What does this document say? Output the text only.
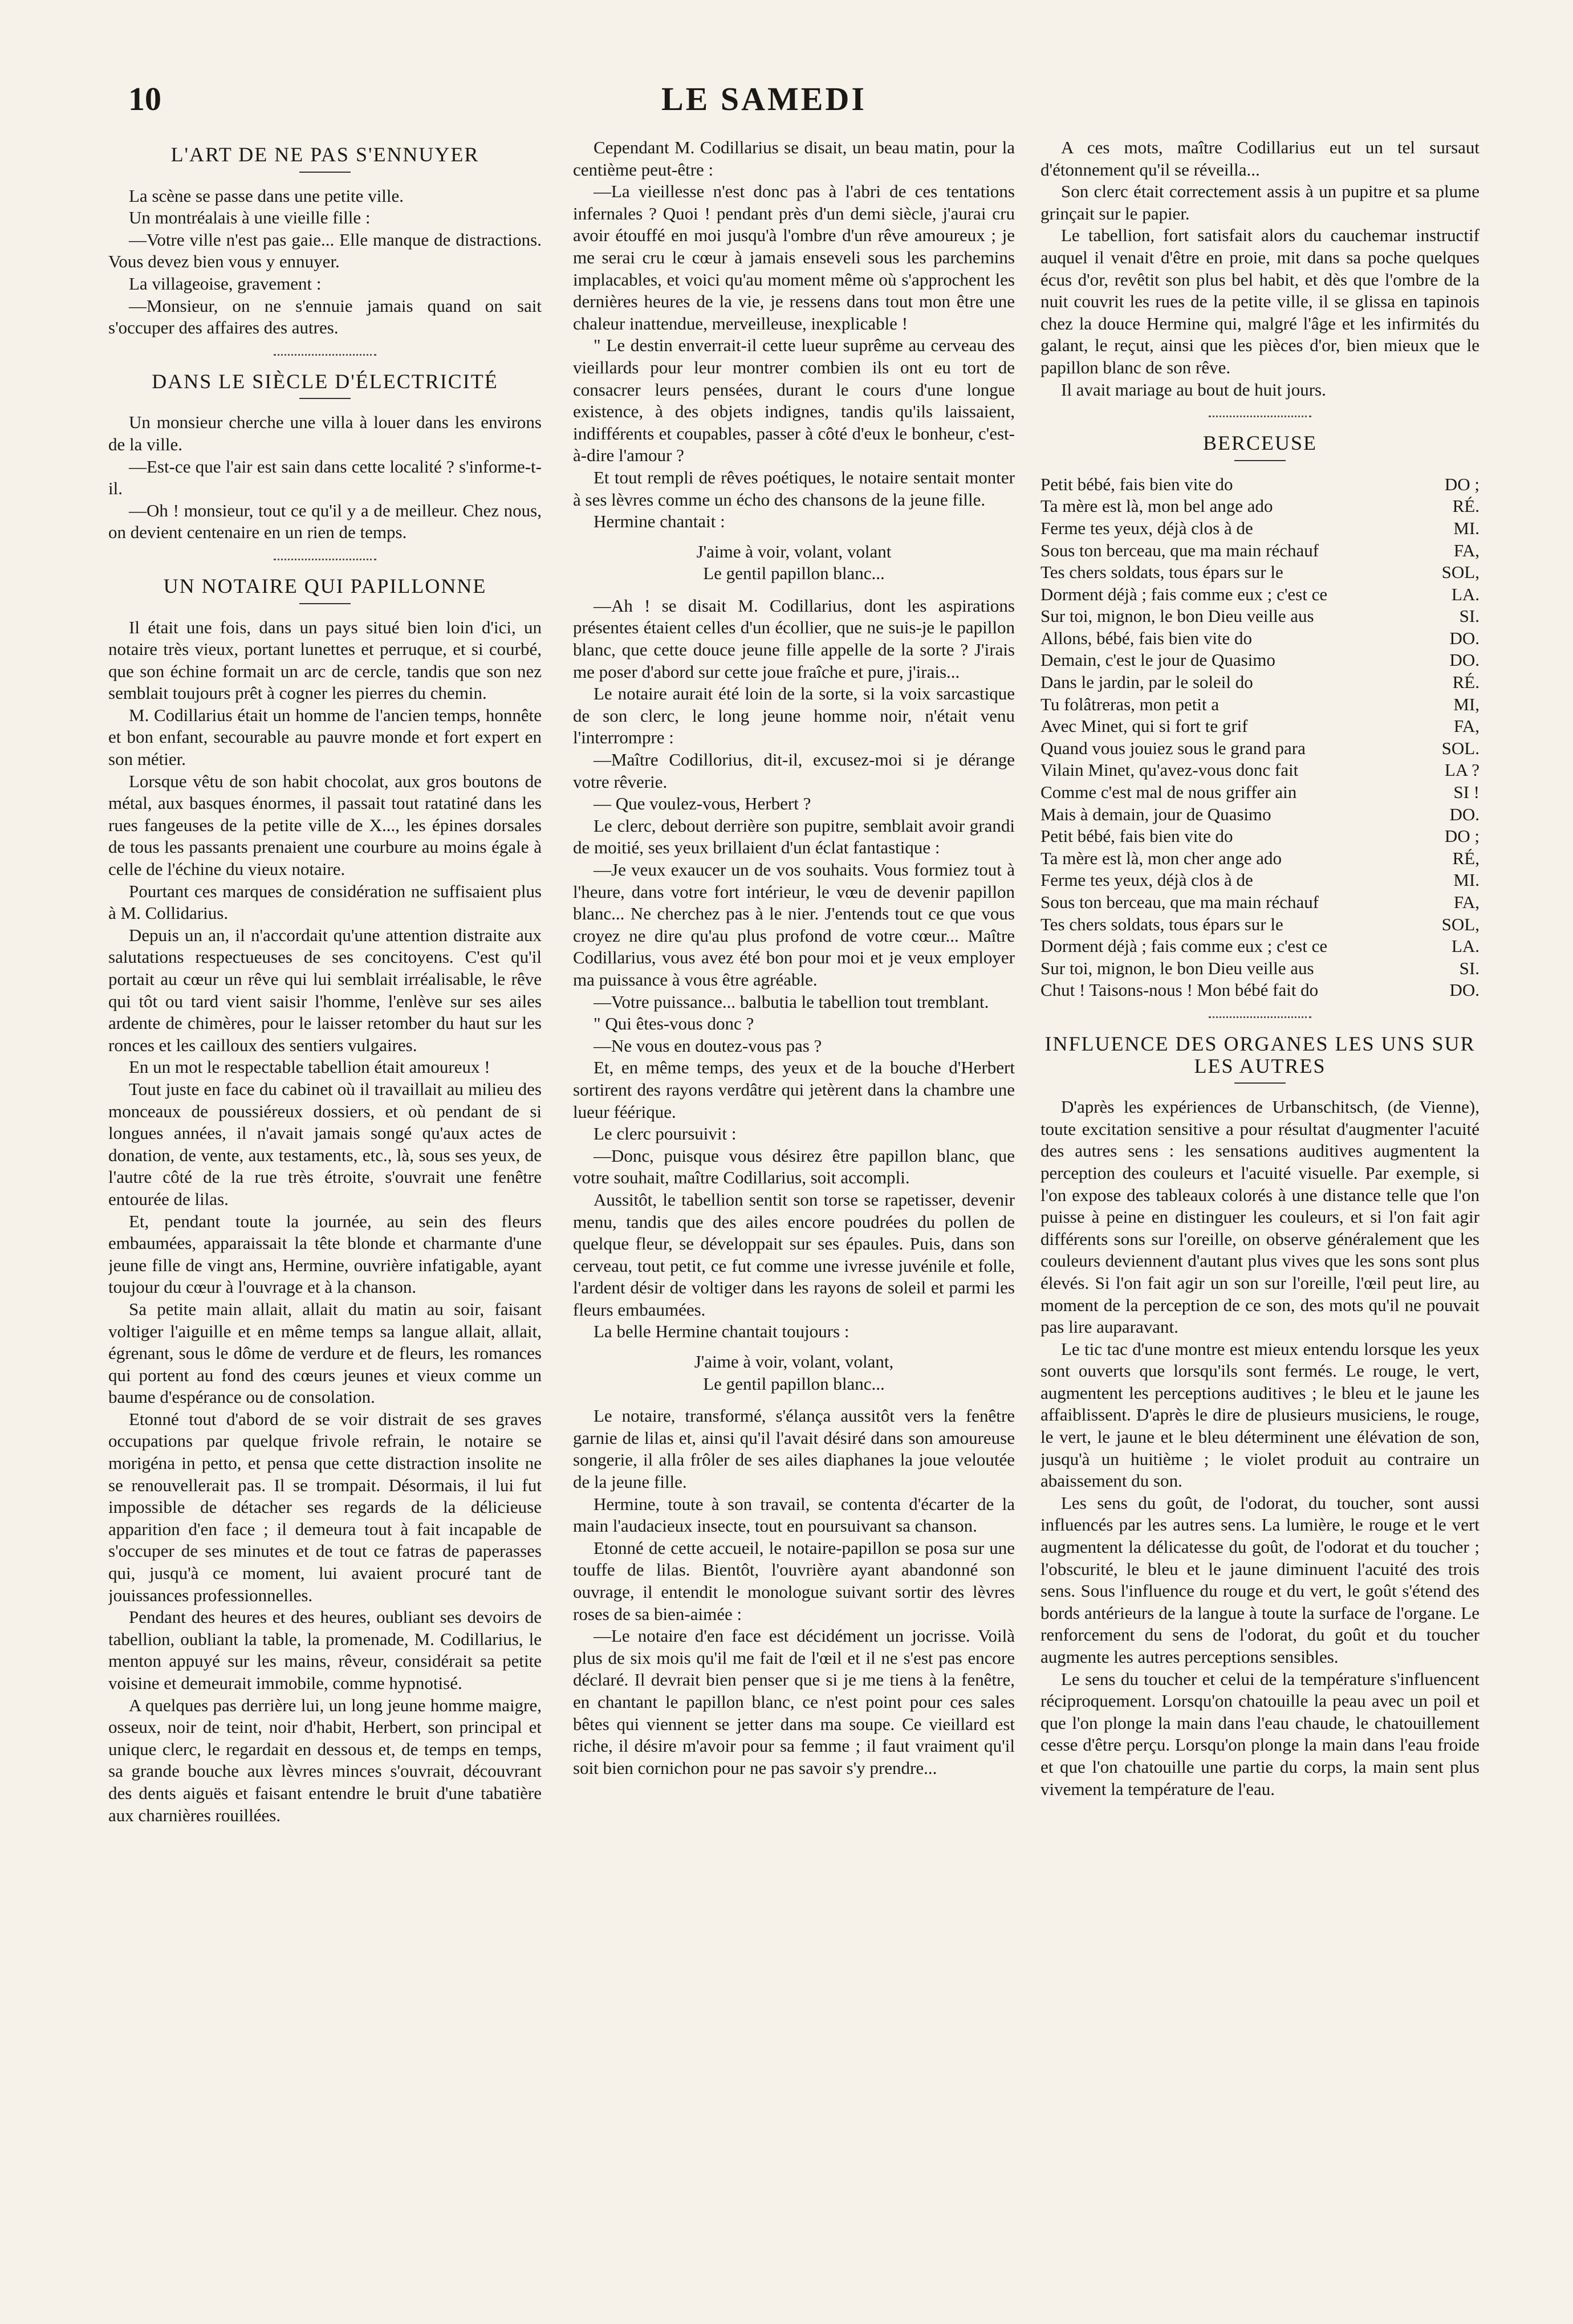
10	LE SAMEDI
L'ART DE NE PAS S'ENNUYER

La scène se passe dans une petite ville.

Un montréalais à une vieille fille :

—Votre ville n'est pas gaie... Elle manque de distractions. Vous devez bien vous y ennuyer.

La villageoise, gravement :

—Monsieur, on ne s'ennuie jamais quand on sait s'occuper des affaires des autres.

DANS LE SIÈCLE D'ÉLECTRICITÉ

Un monsieur cherche une villa à louer dans les environs de la ville.

—Est-ce que l'air est sain dans cette localité ? s'informe-t-il.

—Oh ! monsieur, tout ce qu'il y a de meilleur. Chez nous, on devient centenaire en un rien de temps.

UN NOTAIRE QUI PAPILLONNE

Il était une fois, dans un pays situé bien loin d'ici, un notaire très vieux, portant lunettes et perruque, et si courbé, que son échine formait un arc de cercle, tandis que son nez semblait toujours prêt à cogner les pierres du chemin.

M. Codillarius était un homme de l'ancien temps, honnête et bon enfant, secourable au pauvre monde et fort expert en son métier.

Lorsque vêtu de son habit chocolat, aux gros boutons de métal, aux basques énormes, il passait tout ratatiné dans les rues fangeuses de la petite ville de X..., les épines dorsales de tous les passants prenaient une courbure au moins égale à celle de l'échine du vieux notaire.

Pourtant ces marques de considération ne suffisaient plus à M. Collidarius.

Depuis un an, il n'accordait qu'une attention distraite aux salutations respectueuses de ses concitoyens. C'est qu'il portait au cœur un rêve qui lui semblait irréalisable, le rêve qui tôt ou tard vient saisir l'homme, l'enlève sur ses ailes ardente de chimères, pour le laisser retomber du haut sur les ronces et les cailloux des sentiers vulgaires.

En un mot le respectable tabellion était amoureux !

Tout juste en face du cabinet où il travaillait au milieu des monceaux de poussiéreux dossiers, et où pendant de si longues années, il n'avait jamais songé qu'aux actes de donation, de vente, aux testaments, etc., là, sous ses yeux, de l'autre côté de la rue très étroite, s'ouvrait une fenêtre entourée de lilas.

Et, pendant toute la journée, au sein des fleurs embaumées, apparaissait la tête blonde et charmante d'une jeune fille de vingt ans, Hermine, ouvrière infatigable, ayant toujour du cœur à l'ouvrage et à la chanson.

Sa petite main allait, allait du matin au soir, faisant voltiger l'aiguille et en même temps sa langue allait, allait, égrenant, sous le dôme de verdure et de fleurs, les romances qui portent au fond des cœurs jeunes et vieux comme un baume d'espérance ou de consolation.

Etonné tout d'abord de se voir distrait de ses graves occupations par quelque frivole refrain, le notaire se morigéna in petto, et pensa que cette distraction insolite ne se renouvellerait pas. Il se trompait. Désormais, il lui fut impossible de détacher ses regards de la délicieuse apparition d'en face ; il demeura tout à fait incapable de s'occuper de ses minutes et de tout ce fatras de paperasses qui, jusqu'à ce moment, lui avaient procuré tant de jouissances professionnelles.

Pendant des heures et des heures, oubliant ses devoirs de tabellion, oubliant la table, la promenade, M. Codillarius, le menton appuyé sur les mains, rêveur, considérait sa petite voisine et demeurait immobile, comme hypnotisé.

A quelques pas derrière lui, un long jeune homme maigre, osseux, noir de teint, noir d'habit, Herbert, son principal et unique clerc, le regardait en dessous et, de temps en temps, sa grande bouche aux lèvres minces s'ouvrait, découvrant des dents aiguës et faisant entendre le bruit d'une tabatière aux charnières rouillées.

Cependant M. Codillarius se disait, un beau matin, pour la centième peut-être :

—La vieillesse n'est donc pas à l'abri de ces tentations infernales ? Quoi ! pendant près d'un demi siècle, j'aurai cru avoir étouffé en moi jusqu'à l'ombre d'un rêve amoureux ; je me serai cru le cœur à jamais enseveli sous les parchemins implacables, et voici qu'au moment même où s'approchent les dernières heures de la vie, je ressens dans tout mon être une chaleur inattendue, merveilleuse, inexplicable !

" Le destin enverrait-il cette lueur suprême au cerveau des vieillards pour leur montrer combien ils ont eu tort de consacrer leurs pensées, durant le cours d'une longue existence, à des objets indignes, tandis qu'ils laissaient, indifférents et coupables, passer à côté d'eux le bonheur, c'est-à-dire l'amour ?

Et tout rempli de rêves poétiques, le notaire sentait monter à ses lèvres comme un écho des chansons de la jeune fille.

Hermine chantait :

J'aime à voir, volant, volant
Le gentil papillon blanc...

—Ah ! se disait M. Codillarius, dont les aspirations présentes étaient celles d'un écollier, que ne suis-je le papillon blanc, que cette douce jeune fille appelle de la sorte ? J'irais me poser d'abord sur cette joue fraîche et pure, j'irais...

Le notaire aurait été loin de la sorte, si la voix sarcastique de son clerc, le long jeune homme noir, n'était venu l'interrompre :

—Maître Codillorius, dit-il, excusez-moi si je dérange votre rêverie.

— Que voulez-vous, Herbert ?

Le clerc, debout derrière son pupitre, semblait avoir grandi de moitié, ses yeux brillaient d'un éclat fantastique :

—Je veux exaucer un de vos souhaits. Vous formiez tout à l'heure, dans votre fort intérieur, le vœu de devenir papillon blanc... Ne cherchez pas à le nier. J'entends tout ce que vous croyez ne dire qu'au plus profond de votre cœur... Maître Codillarius, vous avez été bon pour moi et je veux employer ma puissance à vous être agréable.

—Votre puissance... balbutia le tabellion tout tremblant.

" Qui êtes-vous donc ?

—Ne vous en doutez-vous pas ?

Et, en même temps, des yeux et de la bouche d'Herbert sortirent des rayons verdâtre qui jetèrent dans la chambre une lueur féérique.

Le clerc poursuivit :

—Donc, puisque vous désirez être papillon blanc, que votre souhait, maître Codillarius, soit accompli.

Aussitôt, le tabellion sentit son torse se rapetisser, devenir menu, tandis que des ailes encore poudrées du pollen de quelque fleur, se développait sur ses épaules. Puis, dans son cerveau, tout petit, ce fut comme une ivresse juvénile et folle, l'ardent désir de voltiger dans les rayons de soleil et parmi les fleurs embaumées.

La belle Hermine chantait toujours :

J'aime à voir, volant, volant,
Le gentil papillon blanc...

Le notaire, transformé, s'élança aussitôt vers la fenêtre garnie de lilas et, ainsi qu'il l'avait désiré dans son amoureuse songerie, il alla frôler de ses ailes diaphanes la joue veloutée de la jeune fille.

Hermine, toute à son travail, se contenta d'écarter de la main l'audacieux insecte, tout en poursuivant sa chanson.

Etonné de cette accueil, le notaire-papillon se posa sur une touffe de lilas. Bientôt, l'ouvrière ayant abandonné son ouvrage, il entendit le monologue suivant sortir des lèvres roses de sa bien-aimée :

—Le notaire d'en face est décidément un jocrisse. Voilà plus de six mois qu'il me fait de l'œil et il ne s'est pas encore déclaré. Il devrait bien penser que si je me tiens à la fenêtre, en chantant le papillon blanc, ce n'est point pour ces sales bêtes qui viennent se jetter dans ma soupe. Ce vieillard est riche, il désire m'avoir pour sa femme ; il faut vraiment qu'il soit bien cornichon pour ne pas savoir s'y prendre...

A ces mots, maître Codillarius eut un tel sursaut d'étonnement qu'il se réveilla...

Son clerc était correctement assis à un pupitre et sa plume grinçait sur le papier.

Le tabellion, fort satisfait alors du cauchemar instructif auquel il venait d'être en proie, mit dans sa poche quelques écus d'or, revêtit son plus bel habit, et dès que l'ombre de la nuit couvrit les rues de la petite ville, il se glissa en tapinois chez la douce Hermine qui, malgré l'âge et les infirmités du galant, le reçut, ainsi que les pièces d'or, bien mieux que le papillon blanc de son rêve.

Il avait mariage au bout de huit jours.

BERCEUSE
Petit bébé, fais bien vite do	DO ;
Ta mère est là, mon bel ange ado	RÉ.
Ferme tes yeux, déjà clos à de	MI.
Sous ton berceau, que ma main réchauf	FA,
Tes chers soldats, tous épars sur le	SOL,
Dorment déjà ; fais comme eux ; c'est ce	LA.
Sur toi, mignon, le bon Dieu veille aus	SI.
Allons, bébé, fais bien vite do	DO.
Demain, c'est le jour de Quasimo	DO.
Dans le jardin, par le soleil do	RÉ.
Tu folâtreras, mon petit a	MI,
Avec Minet, qui si fort te grif	FA,
Quand vous jouiez sous le grand para	SOL.
Vilain Minet, qu'avez-vous donc fait	LA ?
Comme c'est mal de nous griffer ain	SI !
Mais à demain, jour de Quasimo	DO.
Petit bébé, fais bien vite do	DO ;
Ta mère est là, mon cher ange ado	RÉ,
Ferme tes yeux, déjà clos à de	MI.
Sous ton berceau, que ma main réchauf	FA,
Tes chers soldats, tous épars sur le	SOL,
Dorment déjà ; fais comme eux ; c'est ce	LA.
Sur toi, mignon, le bon Dieu veille aus	SI.
Chut ! Taisons-nous ! Mon bébé fait do	DO.
INFLUENCE DES ORGANES LES UNS SUR LES AUTRES

D'après les expériences de Urbanschitsch, (de Vienne), toute excitation sensitive a pour résultat d'augmenter l'acuité des autres sens : les sensations auditives augmentent la perception des couleurs et l'acuité visuelle. Par exemple, si l'on expose des tableaux colorés à une distance telle que l'on puisse à peine en distinguer les couleurs, et si l'on fait agir différents sons sur l'oreille, on observe généralement que les couleurs deviennent d'autant plus vives que les sons sont plus élevés. Si l'on fait agir un son sur l'oreille, l'œil peut lire, au moment de la perception de ce son, des mots qu'il ne pouvait pas lire auparavant.

Le tic tac d'une montre est mieux entendu lorsque les yeux sont ouverts que lorsqu'ils sont fermés. Le rouge, le vert, augmentent les perceptions auditives ; le bleu et le jaune les affaiblissent. D'après le dire de plusieurs musiciens, le rouge, le vert, le jaune et le bleu déterminent une élévation de son, jusqu'à un huitième ; le violet produit au contraire un abaissement du son.

Les sens du goût, de l'odorat, du toucher, sont aussi influencés par les autres sens. La lumière, le rouge et le vert augmentent la délicatesse du goût, de l'odorat et du toucher ; l'obscurité, le bleu et le jaune diminuent l'acuité des trois sens. Sous l'influence du rouge et du vert, le goût s'étend des bords antérieurs de la langue à toute la surface de l'organe. Le renforcement du sens de l'odorat, du goût et du toucher augmente les autres perceptions sensibles.

Le sens du toucher et celui de la température s'influencent réciproquement. Lorsqu'on chatouille la peau avec un poil et que l'on plonge la main dans l'eau chaude, le chatouillement cesse d'être perçu. Lorsqu'on plonge la main dans l'eau froide et que l'on chatouille une partie du corps, la main sent plus vivement la température de l'eau.
